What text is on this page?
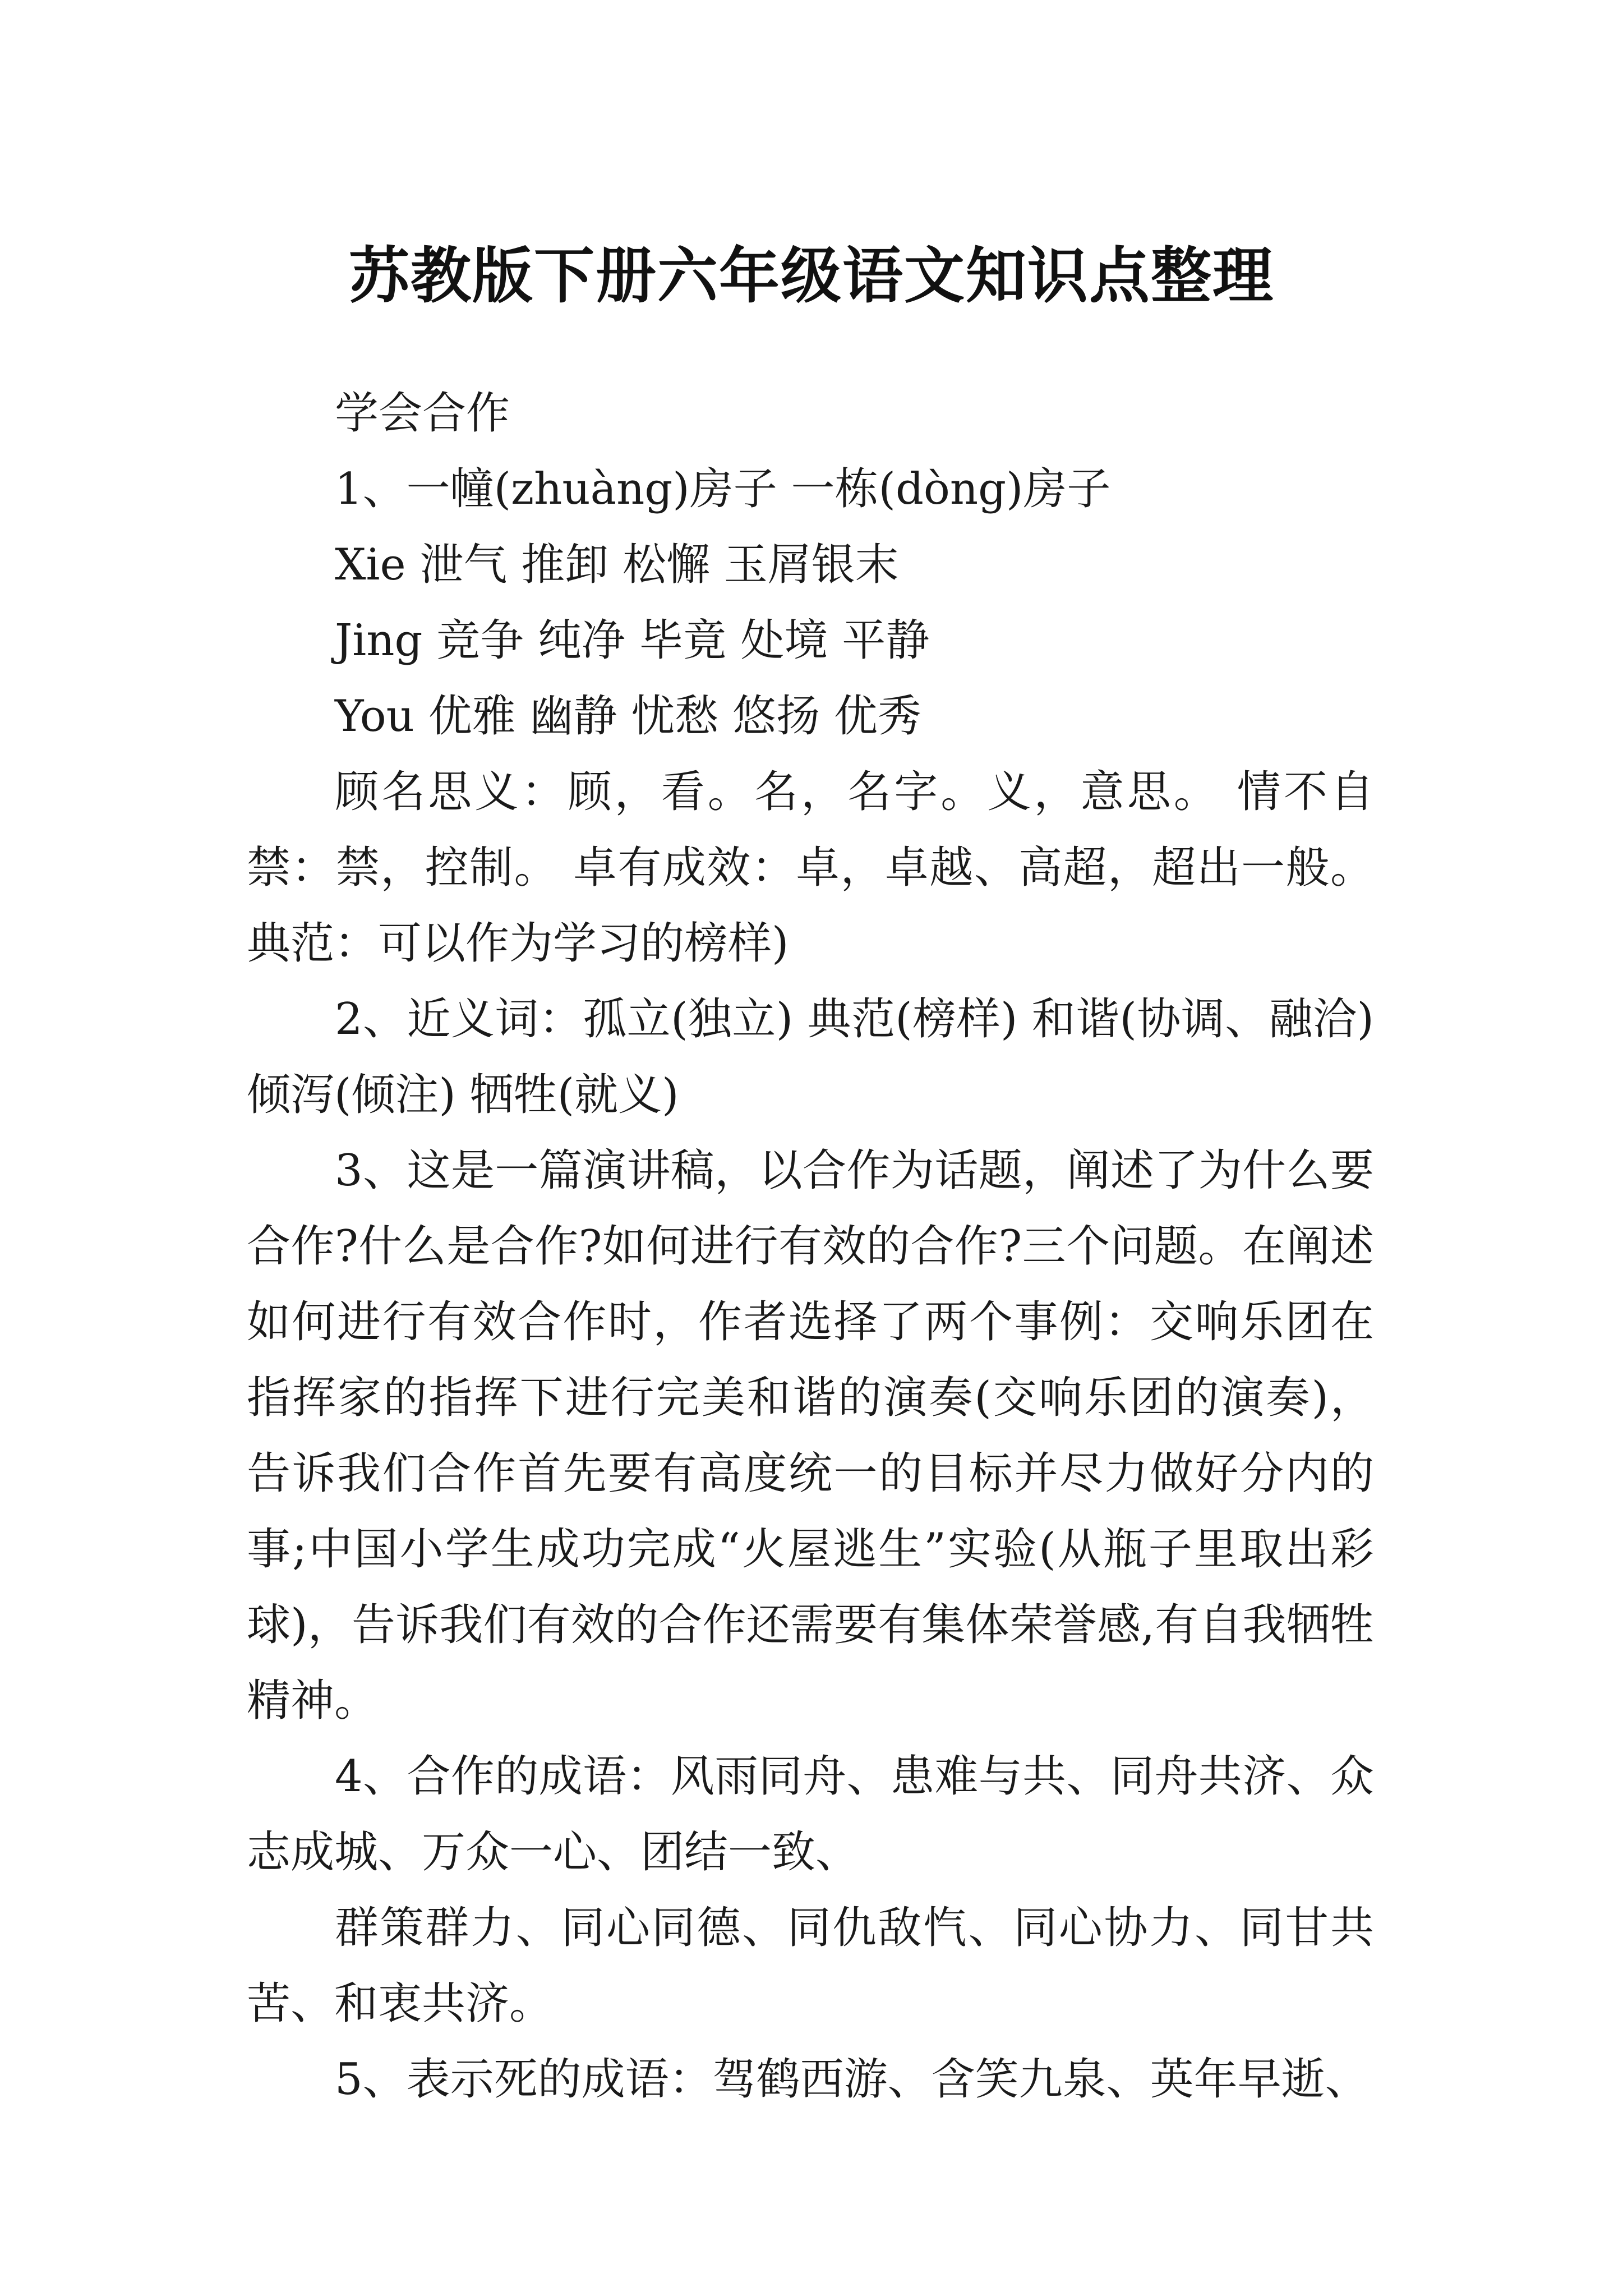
苏教版下册六年级语文知识点整理

学会合作

1、一幢(zhuàng)房子 一栋(dòng)房子

Xie 泄气 推卸 松懈 玉屑银末

Jing 竞争 纯净 毕竟 处境 平静

You 优雅 幽静 忧愁 悠扬 优秀

顾名思义：顾，看。名，名字。义，意思。 情不自禁：禁，控制。 卓有成效：卓，卓越、高超，超出一般。 典范：可以作为学习的榜样)

2、近义词：孤立(独立) 典范(榜样) 和谐(协调、融洽) 倾泻(倾注) 牺牲(就义)

3、这是一篇演讲稿，以合作为话题，阐述了为什么要合作?什么是合作?如何进行有效的合作?三个问题。在阐述如何进行有效合作时，作者选择了两个事例：交响乐团在指挥家的指挥下进行完美和谐的演奏(交响乐团的演奏)，告诉我们合作首先要有高度统一的目标并尽力做好分内的事;中国小学生成功完成“火屋逃生”实验(从瓶子里取出彩球)，告诉我们有效的合作还需要有集体荣誉感,有自我牺牲精神。

4、合作的成语：风雨同舟、患难与共、同舟共济、众志成城、万众一心、团结一致、

群策群力、同心同德、同仇敌忾、同心协力、同甘共苦、和衷共济。

5、表示死的成语：驾鹤西游、含笑九泉、英年早逝、
